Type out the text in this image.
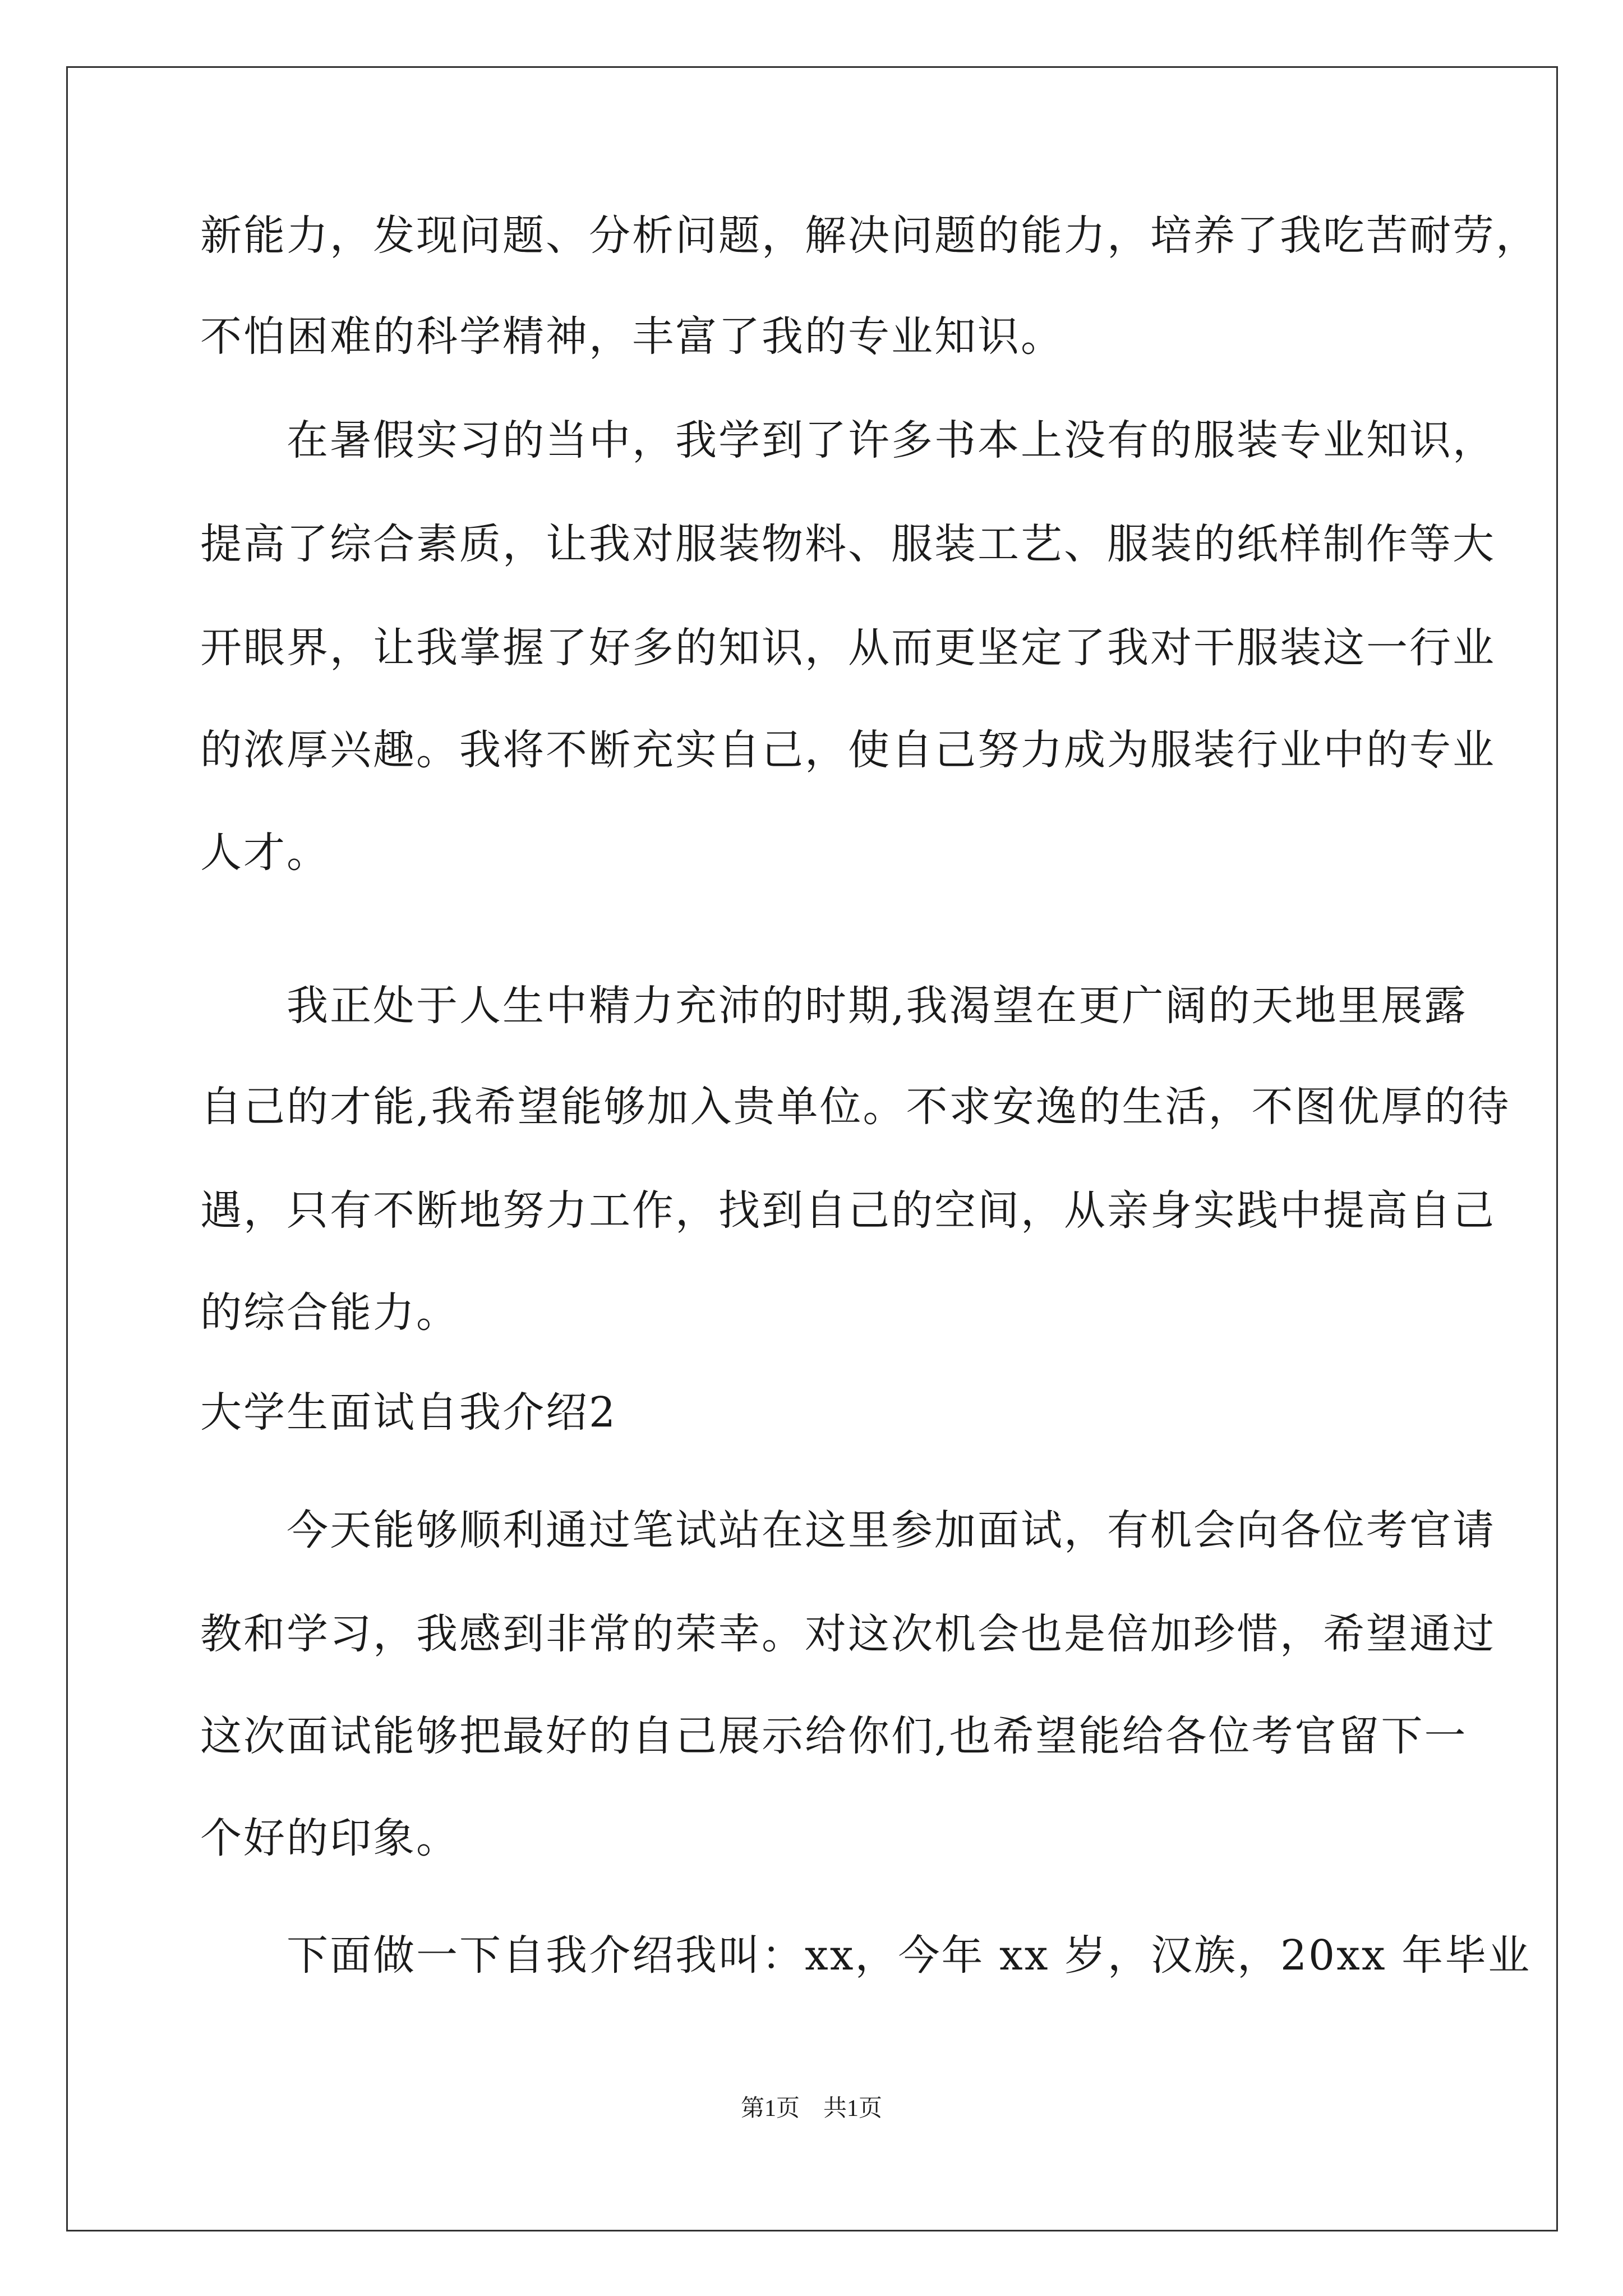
新能力，发现问题、分析问题，解决问题的能力，培养了我吃苦耐劳，
不怕困难的科学精神，丰富了我的专业知识。
　　在暑假实习的当中，我学到了许多书本上没有的服装专业知识，
提高了综合素质，让我对服装物料、服装工艺、服装的纸样制作等大
开眼界，让我掌握了好多的知识，从而更坚定了我对干服装这一行业
的浓厚兴趣。我将不断充实自己，使自己努力成为服装行业中的专业
人才。
　　我正处于人生中精力充沛的时期,我渴望在更广阔的天地里展露
自己的才能,我希望能够加入贵单位。不求安逸的生活，不图优厚的待
遇，只有不断地努力工作，找到自己的空间，从亲身实践中提高自己
的综合能力。
大学生面试自我介绍2
　　今天能够顺利通过笔试站在这里参加面试，有机会向各位考官请
教和学习，我感到非常的荣幸。对这次机会也是倍加珍惜，希望通过
这次面试能够把最好的自己展示给你们,也希望能给各位考官留下一
个好的印象。
　　下面做一下自我介绍我叫：xx，今年 xx 岁，汉族，20xx 年毕业
第1页　共1页
